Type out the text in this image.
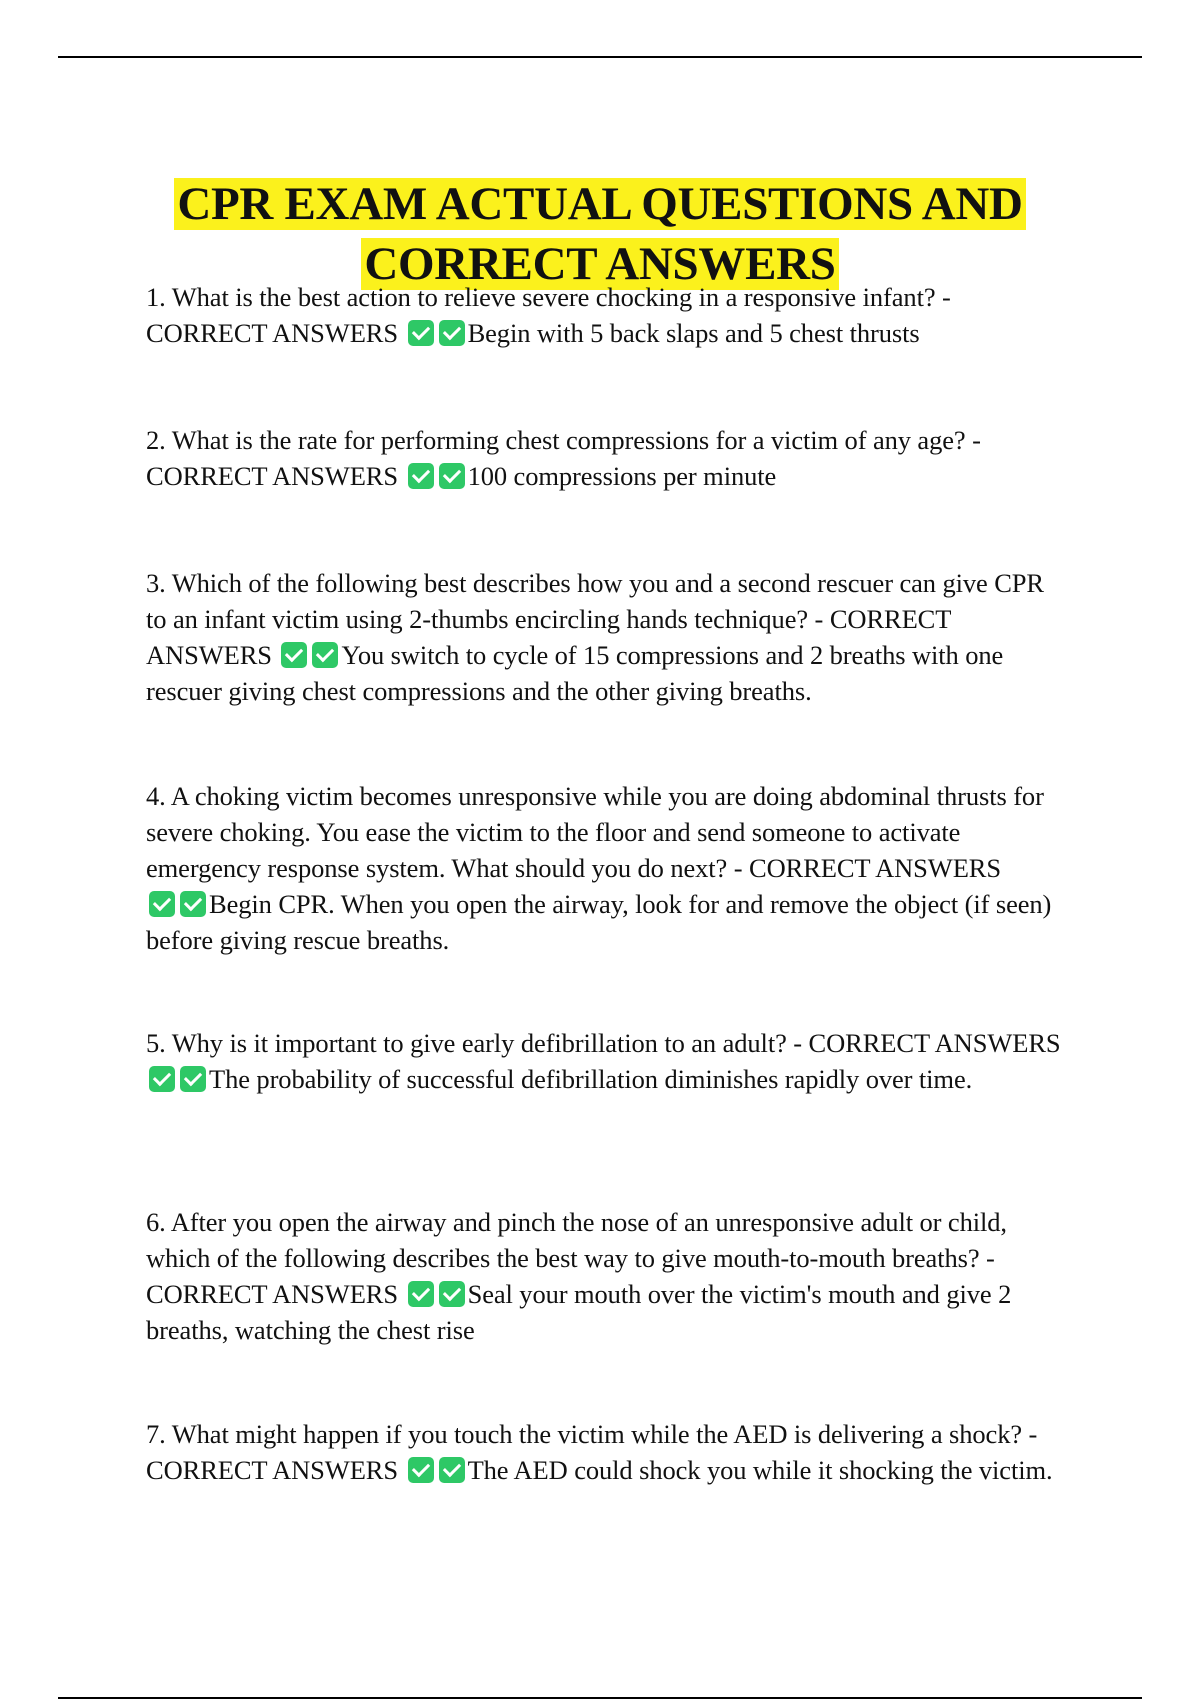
CPR EXAM ACTUAL QUESTIONS AND
CORRECT ANSWERS

1. What is the best action to relieve severe chocking in a responsive infant? - CORRECT ANSWERS	Begin with 5 back slaps and 5 chest thrusts

2. What is the rate for performing chest compressions for a victim of any age? - CORRECT ANSWERS	100 compressions per minute

3. Which of the following best describes how you and a second rescuer can give CPR to an infant victim using 2-thumbs encircling hands technique? - CORRECT ANSWERS	You switch to cycle of 15 compressions and 2 breaths with one rescuer giving chest compressions and the other giving breaths.

4. A choking victim becomes unresponsive while you are doing abdominal thrusts for severe choking. You ease the victim to the floor and send someone to activate emergency response system. What should you do next? - CORRECT ANSWERS Begin CPR. When you open the airway, look for and remove the object (if seen) before giving rescue breaths.

5. Why is it important to give early defibrillation to an adult? - CORRECT ANSWERS The probability of successful defibrillation diminishes rapidly over time.

6. After you open the airway and pinch the nose of an unresponsive adult or child, which of the following describes the best way to give mouth-to-mouth breaths? - CORRECT ANSWERS	Seal your mouth over the victim's mouth and give 2 breaths, watching the chest rise

7. What might happen if you touch the victim while the AED is delivering a shock? - CORRECT ANSWERS	The AED could shock you while it shocking the victim.
